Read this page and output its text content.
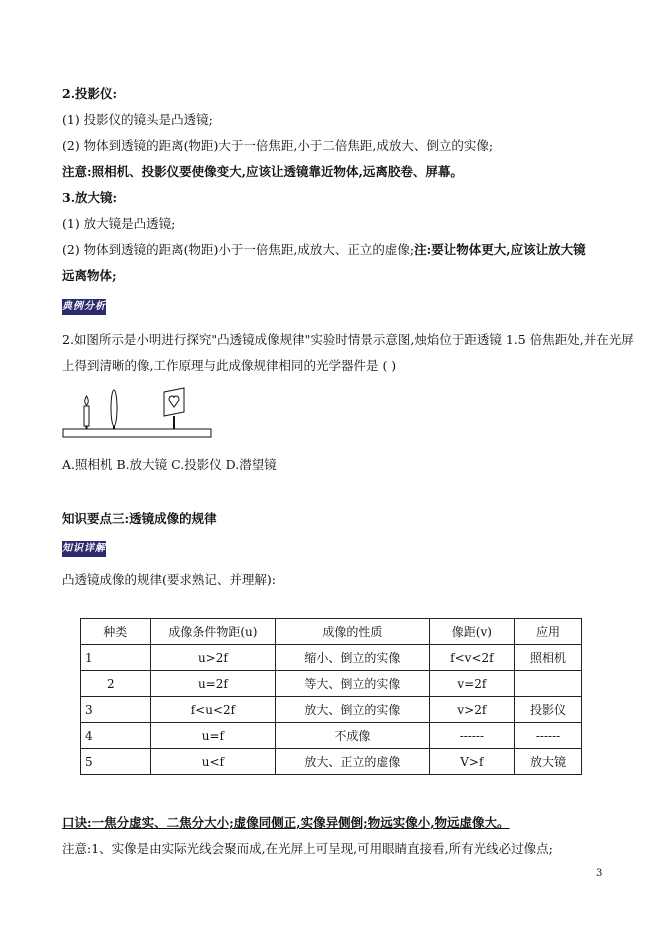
2.投影仪:
(1) 投影仪的镜头是凸透镜;
(2) 物体到透镜的距离(物距)大于一倍焦距,小于二倍焦距,成放大、倒立的实像;
注意:照相机、投影仪要使像变大,应该让透镜靠近物体,远离胶卷、屏幕。
3.放大镜:
(1) 放大镜是凸透镜;
(2) 物体到透镜的距离(物距)小于一倍焦距,成放大、正立的虚像;注:要让物体更大,应该让放大镜
远离物体;
典例分析
2.如图所示是小明进行探究"凸透镜成像规律"实验时情景示意图,烛焰位于距透镜 1.5 倍焦距处,并在光屏
上得到清晰的像,工作原理与此成像规律相同的光学器件是 ( )
A.照相机 B.放大镜 C.投影仪 D.潜望镜
知识要点三:透镜成像的规律
知识详解
凸透镜成像的规律(要求熟记、并理解):
种类	成像条件物距(u)	成像的性质	像距(v)	应用
1	u>2f	缩小、倒立的实像	f<v<2f	照相机
2	u=2f	等大、倒立的实像	v=2f	
3	f<u<2f	放大、倒立的实像	v>2f	投影仪
4	u=f	不成像	------	------
5	u<f	放大、正立的虚像	V>f	放大镜
口诀:一焦分虚实、二焦分大小;虚像同侧正,实像异侧倒;物远实像小,物远虚像大。
注意:1、实像是由实际光线会聚而成,在光屏上可呈现,可用眼睛直接看,所有光线必过像点;
3
